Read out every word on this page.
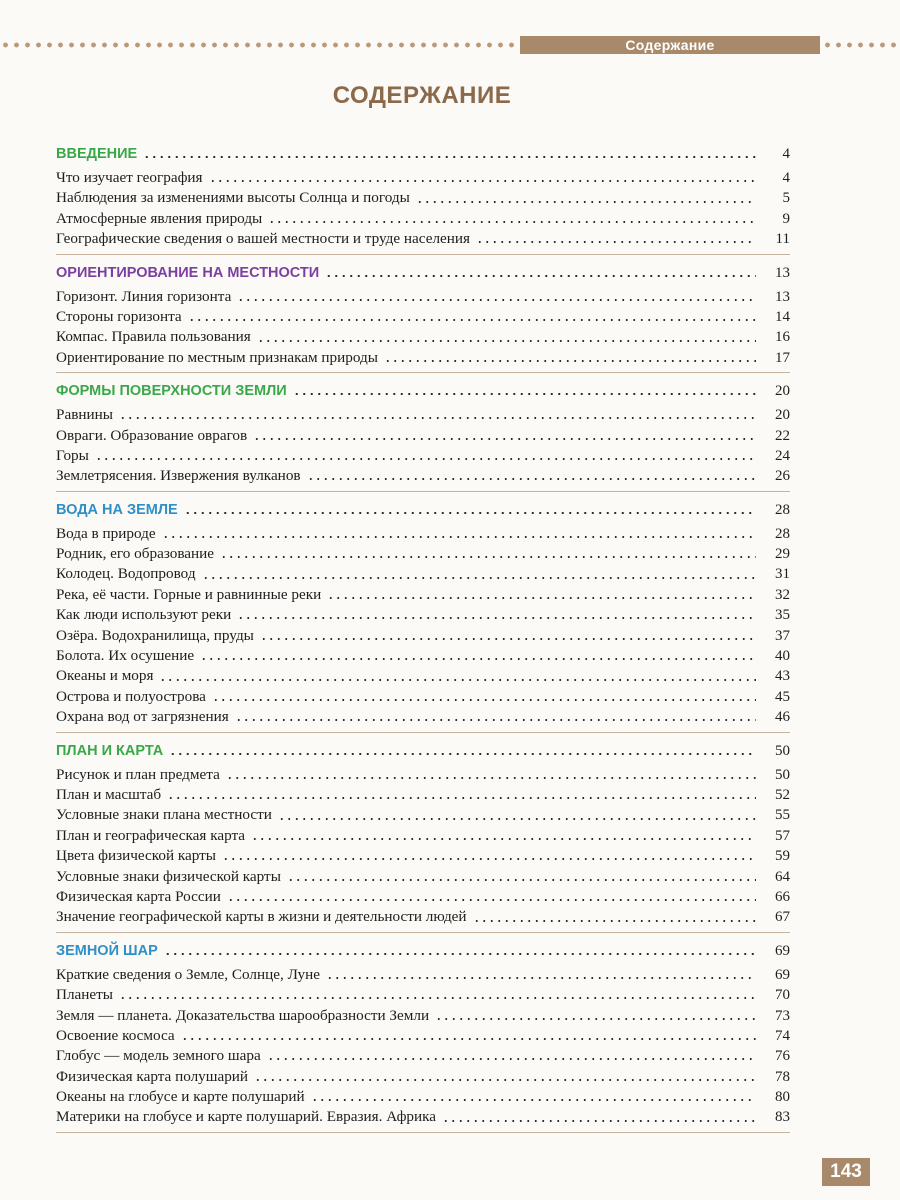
Содержание
СОДЕРЖАНИЕ
ВВЕДЕНИЕ	4
Что изучает география	4
Наблюдения за изменениями высоты Солнца и погоды	5
Атмосферные явления природы	9
Географические сведения о вашей местности и труде населения	11
ОРИЕНТИРОВАНИЕ НА МЕСТНОСТИ	13
Горизонт. Линия горизонта	13
Стороны горизонта	14
Компас. Правила пользования	16
Ориентирование по местным признакам природы	17
ФОРМЫ ПОВЕРХНОСТИ ЗЕМЛИ	20
Равнины	20
Овраги. Образование оврагов	22
Горы	24
Землетрясения. Извержения вулканов	26
ВОДА НА ЗЕМЛЕ	28
Вода в природе	28
Родник, его образование	29
Колодец. Водопровод	31
Река, её части. Горные и равнинные реки	32
Как люди используют реки	35
Озёра. Водохранилища, пруды	37
Болота. Их осушение	40
Океаны и моря	43
Острова и полуострова	45
Охрана вод от загрязнения	46
ПЛАН И КАРТА	50
Рисунок и план предмета	50
План и масштаб	52
Условные знаки плана местности	55
План и географическая карта	57
Цвета физической карты	59
Условные знаки физической карты	64
Физическая карта России	66
Значение географической карты в жизни и деятельности людей	67
ЗЕМНОЙ ШАР	69
Краткие сведения о Земле, Солнце, Луне	69
Планеты	70
Земля — планета. Доказательства шарообразности Земли	73
Освоение космоса	74
Глобус — модель земного шара	76
Физическая карта полушарий	78
Океаны на глобусе и карте полушарий	80
Материки на глобусе и карте полушарий. Евразия. Африка	83
143
